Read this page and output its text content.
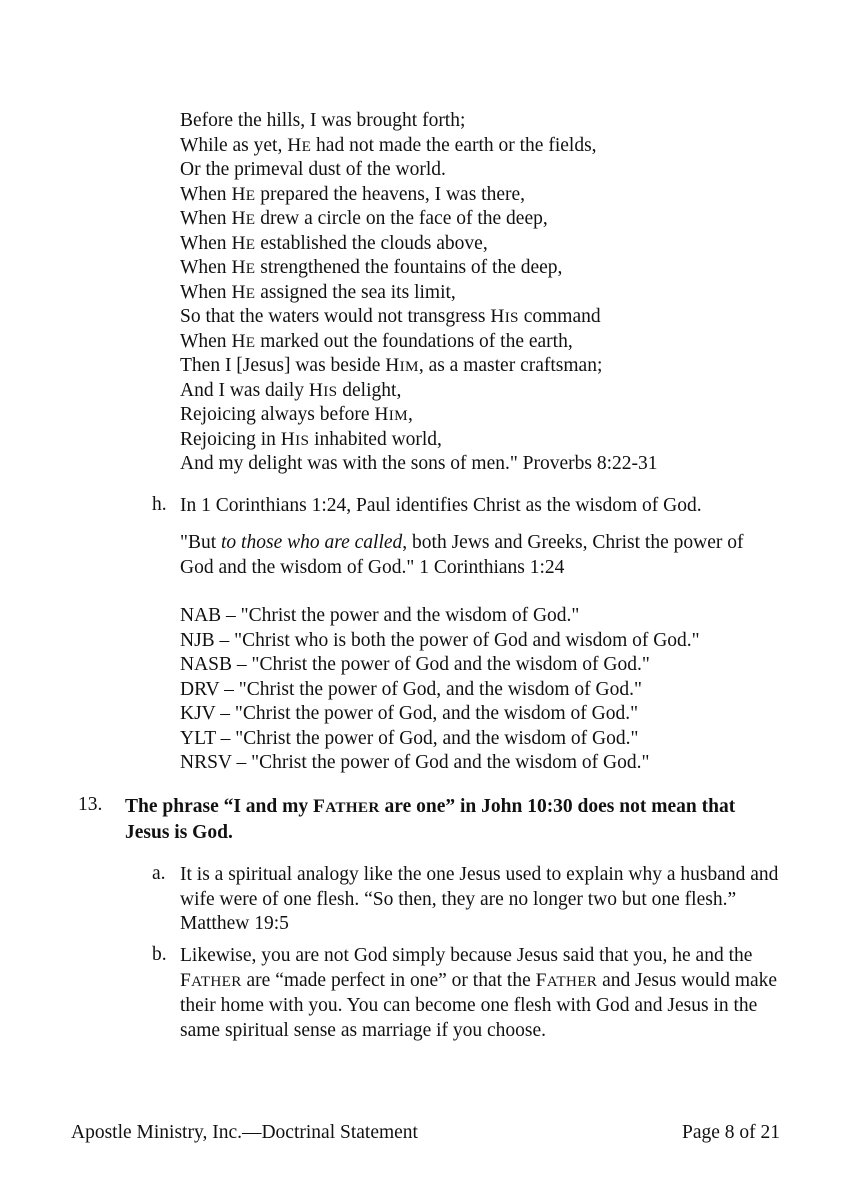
Before the hills, I was brought forth;
While as yet, HE had not made the earth or the fields,
Or the primeval dust of the world.
When HE prepared the heavens, I was there,
When HE drew a circle on the face of the deep,
When HE established the clouds above,
When HE strengthened the fountains of the deep,
When HE assigned the sea its limit,
So that the waters would not transgress HIS command
When HE marked out the foundations of the earth,
Then I [Jesus] was beside HIM, as a master craftsman;
And I was daily HIS delight,
Rejoicing always before HIM,
Rejoicing in HIS inhabited world,
And my delight was with the sons of men." Proverbs 8:22-31
h. In 1 Corinthians 1:24, Paul identifies Christ as the wisdom of God.
"But to those who are called, both Jews and Greeks, Christ the power of God and the wisdom of God." 1 Corinthians 1:24
NAB – "Christ the power and the wisdom of God."
NJB – "Christ who is both the power of God and wisdom of God."
NASB – "Christ the power of God and the wisdom of God."
DRV – "Christ the power of God, and the wisdom of God."
KJV – "Christ the power of God, and the wisdom of God."
YLT – "Christ the power of God, and the wisdom of God."
NRSV – "Christ the power of God and the wisdom of God."
13. The phrase “I and my FATHER are one” in John 10:30 does not mean that Jesus is God.
a. It is a spiritual analogy like the one Jesus used to explain why a husband and wife were of one flesh. “So then, they are no longer two but one flesh.” Matthew 19:5
b. Likewise, you are not God simply because Jesus said that you, he and the FATHER are “made perfect in one” or that the FATHER and Jesus would make their home with you. You can become one flesh with God and Jesus in the same spiritual sense as marriage if you choose.
Apostle Ministry, Inc.—Doctrinal Statement	Page 8 of 21
